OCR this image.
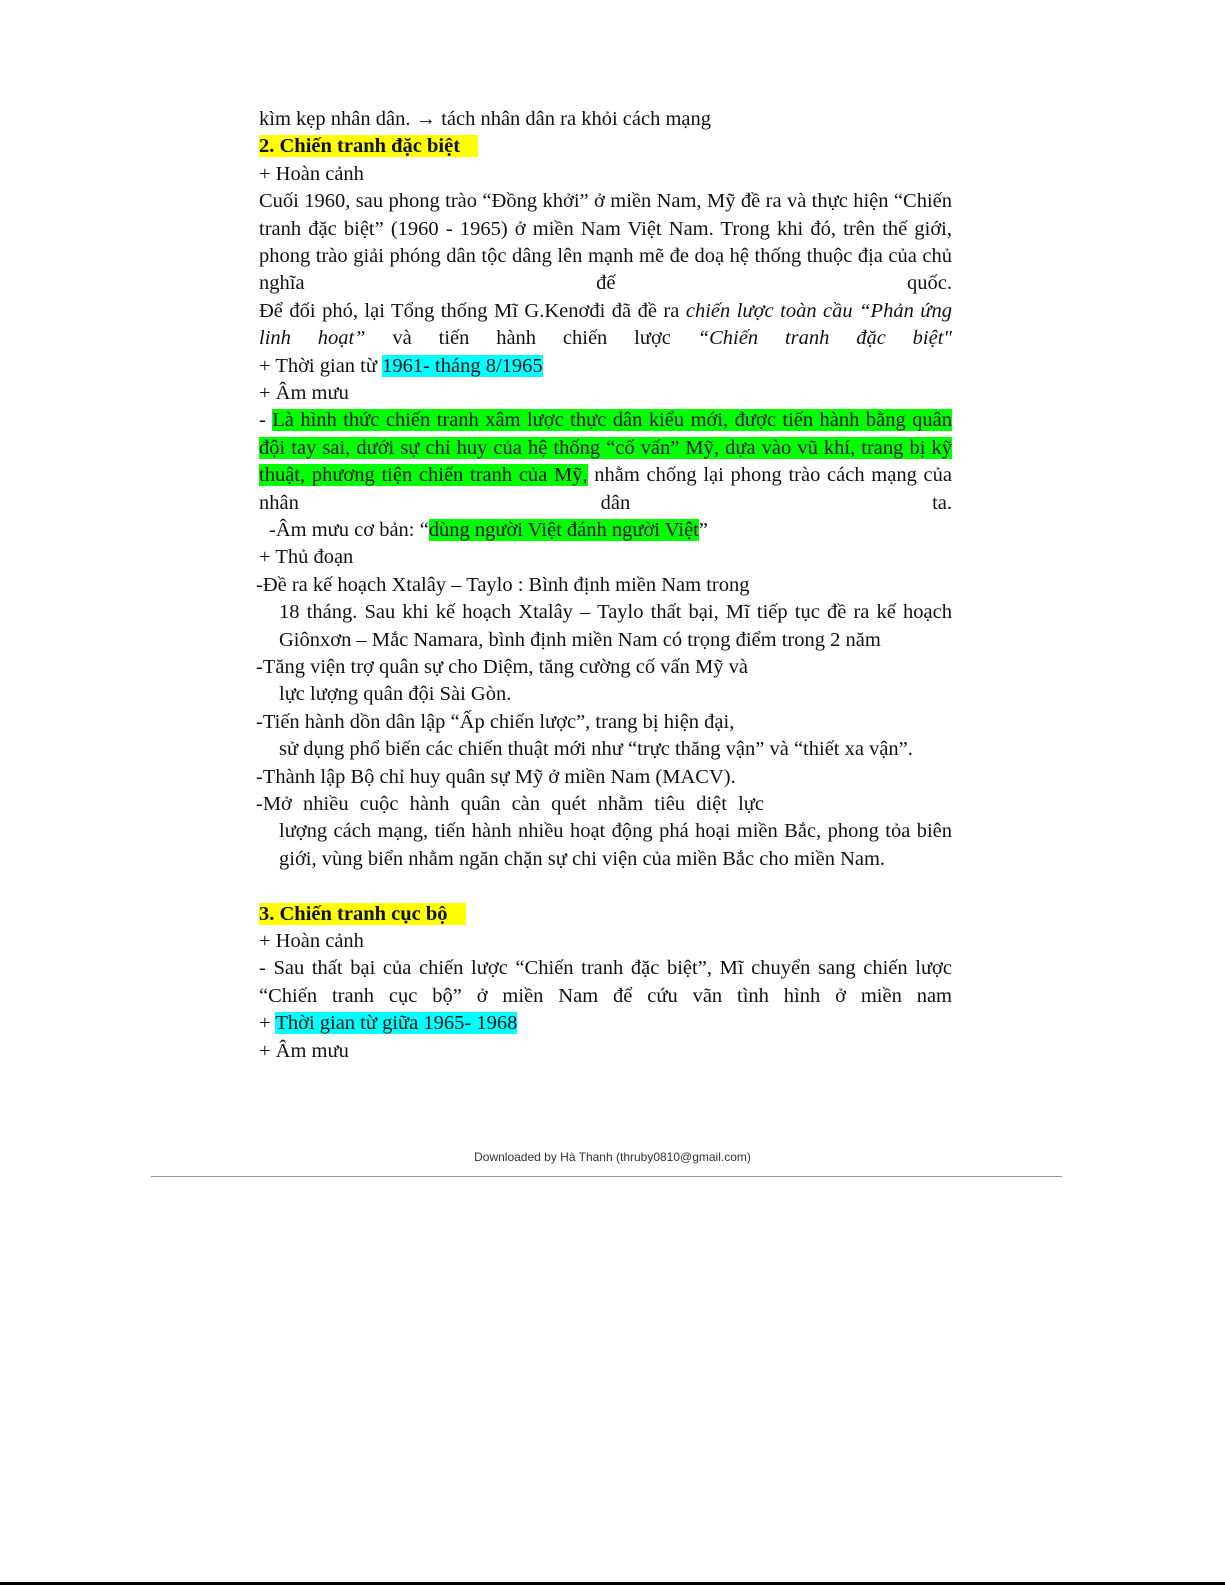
kìm kẹp nhân dân. → tách nhân dân ra khỏi cách mạng
2. Chiến tranh đặc biệt
+ Hoàn cảnh
Cuối 1960, sau phong trào “Đồng khởi” ở miền Nam, Mỹ đề ra và thực hiện “Chiến tranh đặc biệt” (1960 - 1965) ở miền Nam Việt Nam. Trong khi đó, trên thế giới, phong trào giải phóng dân tộc dâng lên mạnh mẽ đe doạ hệ thống thuộc địa của chủ nghĩa đế quốc.
Để đối phó, lại Tổng thống Mĩ G.Kenơđi đã đề ra chiến lược toàn cầu “Phản ứng linh hoạt” và tiến hành chiến lược “Chiến tranh đặc biệt"
+ Thời gian từ 1961- tháng 8/1965
+ Âm mưu
- Là hình thức chiến tranh xâm lược thực dân kiểu mới, được tiến hành bằng quân đội tay sai, dưới sự chỉ huy của hệ thống “cố vấn” Mỹ, dựa vào vũ khí, trang bị kỹ thuật, phương tiện chiến tranh của Mỹ, nhằm chống lại phong trào cách mạng của nhân dân ta.
-Âm mưu cơ bản: “dùng người Việt đánh người Việt”
+ Thủ đoạn
-Đề ra kế hoạch Xtalây – Taylo : Bình định miền Nam trong
18 tháng. Sau khi kế hoạch Xtalây – Taylo thất bại, Mĩ tiếp tục đề ra kế hoạch
Giônxơn – Mắc Namara, bình định miền Nam có trọng điểm trong 2 năm
-Tăng viện trợ quân sự cho Diệm, tăng cường cố vấn Mỹ và
lực lượng quân đội Sài Gòn.
-Tiến hành dồn dân lập “Ấp chiến lược”, trang bị hiện đại,
sử dụng phổ biến các chiến thuật mới như “trực thăng vận” và “thiết xa vận”.
-Thành lập Bộ chỉ huy quân sự Mỹ ở miền Nam (MACV).
-Mở nhiều cuộc hành quân càn quét nhằm tiêu diệt lực
lượng cách mạng, tiến hành nhiều hoạt động phá hoại miền Bắc, phong tỏa biên
giới, vùng biển nhằm ngăn chặn sự chi viện của miền Bắc cho miền Nam.
3. Chiến tranh cục bộ
+ Hoàn cảnh
- Sau thất bại của chiến lược “Chiến tranh đặc biệt”, Mĩ chuyển sang chiến lược “Chiến tranh cục bộ” ở miền Nam để cứu vãn tình hình ở miền nam
+ Thời gian từ giữa 1965- 1968
+ Âm mưu
Downloaded by Hà Thanh (thruby0810@gmail.com)
